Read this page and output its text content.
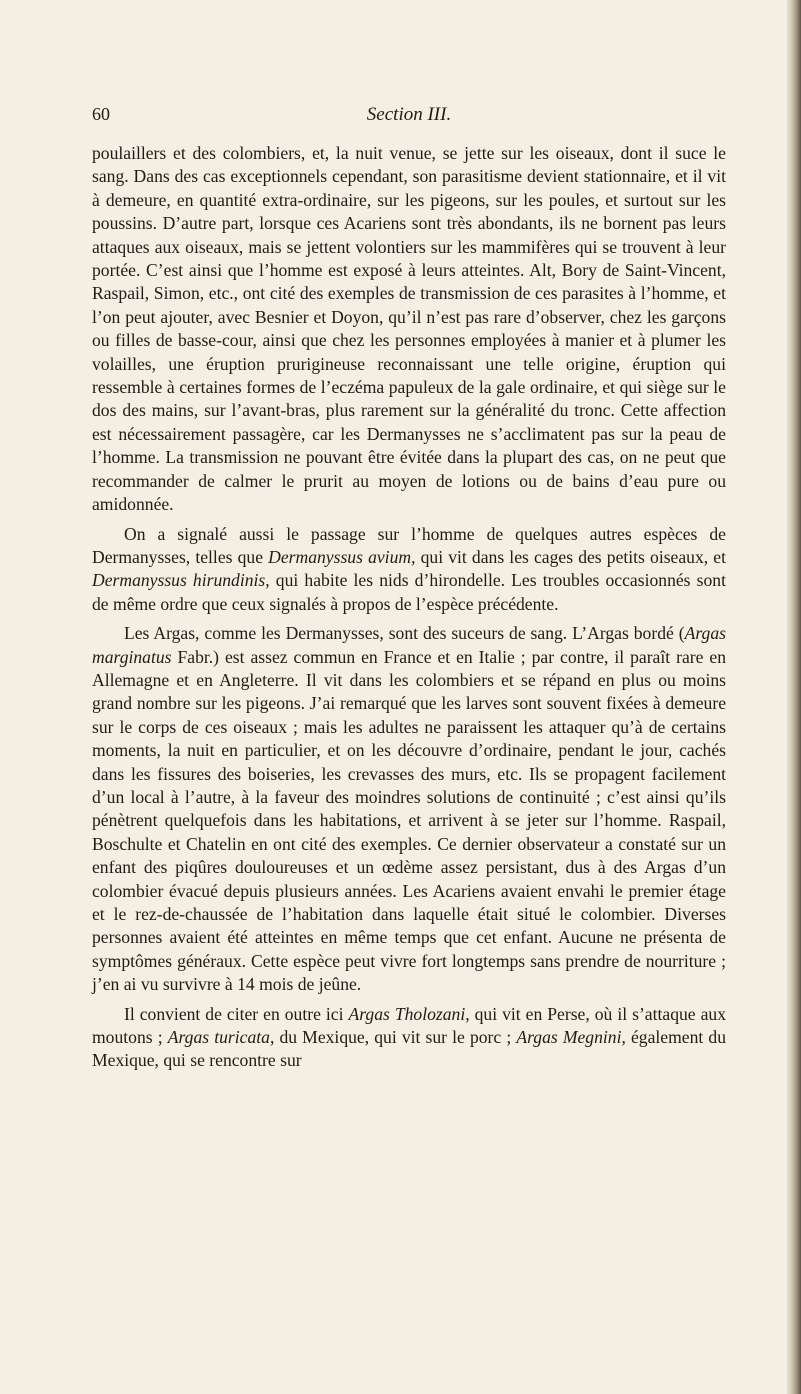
60	Section III.

poulaillers et des colombiers, et, la nuit venue, se jette sur les oiseaux, dont il suce le sang. Dans des cas exceptionnels cependant, son parasitisme devient stationnaire, et il vit à demeure, en quantité extra-ordinaire, sur les pigeons, sur les poules, et surtout sur les poussins. D’autre part, lorsque ces Acariens sont très abondants, ils ne bornent pas leurs attaques aux oiseaux, mais se jettent volontiers sur les mammifères qui se trouvent à leur portée. C’est ainsi que l’homme est exposé à leurs atteintes. Alt, Bory de Saint-Vincent, Raspail, Simon, etc., ont cité des exemples de transmission de ces parasites à l’homme, et l’on peut ajouter, avec Besnier et Doyon, qu’il n’est pas rare d’observer, chez les garçons ou filles de basse-cour, ainsi que chez les personnes employées à manier et à plumer les volailles, une éruption prurigineuse reconnaissant une telle origine, éruption qui ressemble à certaines formes de l’eczéma papuleux de la gale ordinaire, et qui siège sur le dos des mains, sur l’avant-bras, plus rarement sur la généralité du tronc. Cette affection est nécessairement passagère, car les Dermanysses ne s’acclimatent pas sur la peau de l’homme. La transmission ne pouvant être évitée dans la plupart des cas, on ne peut que recommander de calmer le prurit au moyen de lotions ou de bains d’eau pure ou amidonnée.

On a signalé aussi le passage sur l’homme de quelques autres espèces de Dermanysses, telles que Dermanyssus avium, qui vit dans les cages des petits oiseaux, et Dermanyssus hirundinis, qui habite les nids d’hirondelle. Les troubles occasionnés sont de même ordre que ceux signalés à propos de l’espèce précédente.

Les Argas, comme les Dermanysses, sont des suceurs de sang. L’Argas bordé (Argas marginatus Fabr.) est assez commun en France et en Italie ; par contre, il paraît rare en Allemagne et en Angleterre. Il vit dans les colombiers et se répand en plus ou moins grand nombre sur les pigeons. J’ai remarqué que les larves sont souvent fixées à demeure sur le corps de ces oiseaux ; mais les adultes ne paraissent les attaquer qu’à de certains moments, la nuit en particulier, et on les découvre d’ordinaire, pendant le jour, cachés dans les fissures des boiseries, les crevasses des murs, etc. Ils se propagent facilement d’un local à l’autre, à la faveur des moindres solutions de continuité ; c’est ainsi qu’ils pénètrent quelquefois dans les habitations, et arrivent à se jeter sur l’homme. Raspail, Boschulte et Chatelin en ont cité des exemples. Ce dernier observateur a constaté sur un enfant des piqûres douloureuses et un œdème assez persistant, dus à des Argas d’un colombier évacué depuis plusieurs années. Les Acariens avaient envahi le premier étage et le rez-de-chaussée de l’habitation dans laquelle était situé le colombier. Diverses personnes avaient été atteintes en même temps que cet enfant. Aucune ne présenta de symptômes généraux. Cette espèce peut vivre fort longtemps sans prendre de nourriture ; j’en ai vu survivre à 14 mois de jeûne.

Il convient de citer en outre ici Argas Tholozani, qui vit en Perse, où il s’attaque aux moutons ; Argas turicata, du Mexique, qui vit sur le porc ; Argas Megnini, également du Mexique, qui se rencontre sur
